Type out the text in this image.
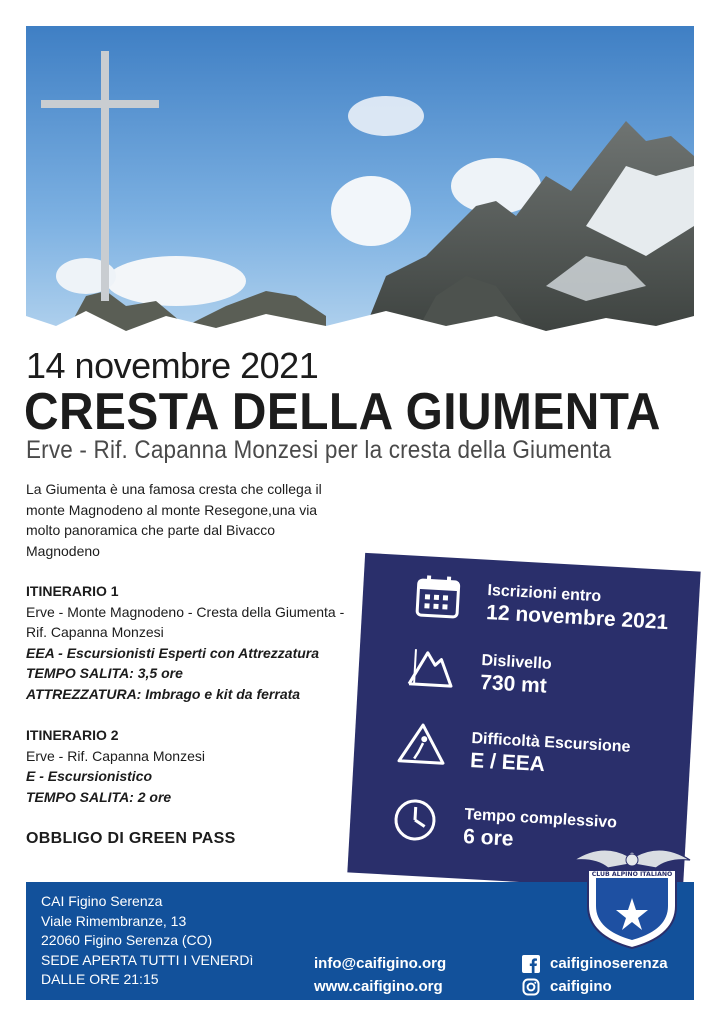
14 novembre 2021
CRESTA DELLA GIUMENTA
Erve - Rif. Capanna Monzesi per la cresta della Giumenta

La Giumenta è una famosa cresta che collega il monte Magnodeno al monte Resegone,una via molto panoramica che parte dal Bivacco Magnodeno

ITINERARIO 1
Erve - Monte Magnodeno - Cresta della Giumenta - Rif. Capanna Monzesi
EEA - Escursionisti Esperti con Attrezzatura
TEMPO SALITA: 3,5 ore
ATTREZZATURA: Imbrago e kit da ferrata
ITINERARIO 2
Erve - Rif. Capanna Monzesi
E - Escursionistico
TEMPO SALITA: 2 ore
OBBLIGO DI GREEN PASS
Iscrizioni entro
12 novembre 2021
Dislivello
730 mt
Difficoltà Escursione
E / EEA
Tempo complessivo
6 ore
CAI Figino Serenza
Viale Rimembranze, 13
22060 Figino Serenza (CO)
SEDE APERTA TUTTI I VENERDì
DALLE ORE 21:15
info@caifigino.org
www.caifigino.org
caifiginoserenza
caifigino
CLUB ALPINO ITALIANO
